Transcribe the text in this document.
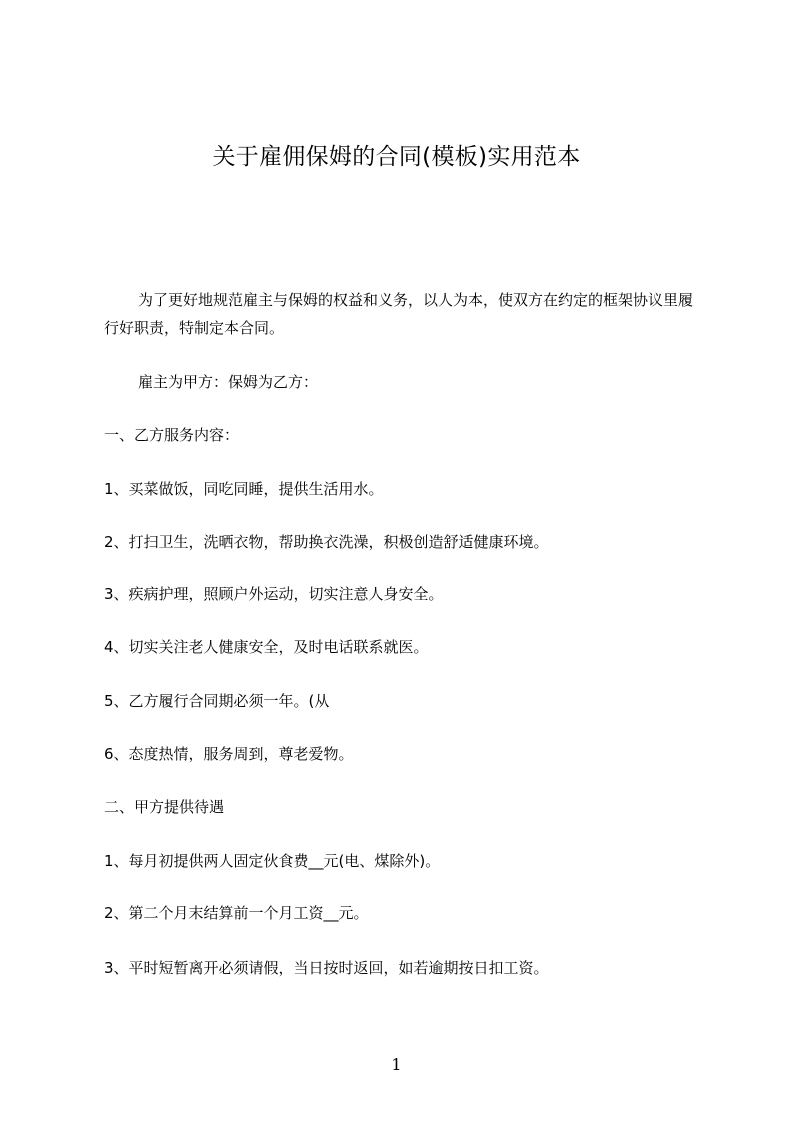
关于雇佣保姆的合同(模板)实用范本
为了更好地规范雇主与保姆的权益和义务，以人为本，使双方在约定的框架协议里履行好职责，特制定本合同。
雇主为甲方：保姆为乙方：
一、乙方服务内容：
1、买菜做饭，同吃同睡，提供生活用水。
2、打扫卫生，洗晒衣物，帮助换衣洗澡，积极创造舒适健康环境。
3、疾病护理，照顾户外运动，切实注意人身安全。
4、切实关注老人健康安全，及时电话联系就医。
5、乙方履行合同期必须一年。(从
6、态度热情，服务周到，尊老爱物。
二、甲方提供待遇
1、每月初提供两人固定伙食费__元(电、煤除外)。
2、第二个月末结算前一个月工资__元。
3、平时短暂离开必须请假，当日按时返回，如若逾期按日扣工资。
1
